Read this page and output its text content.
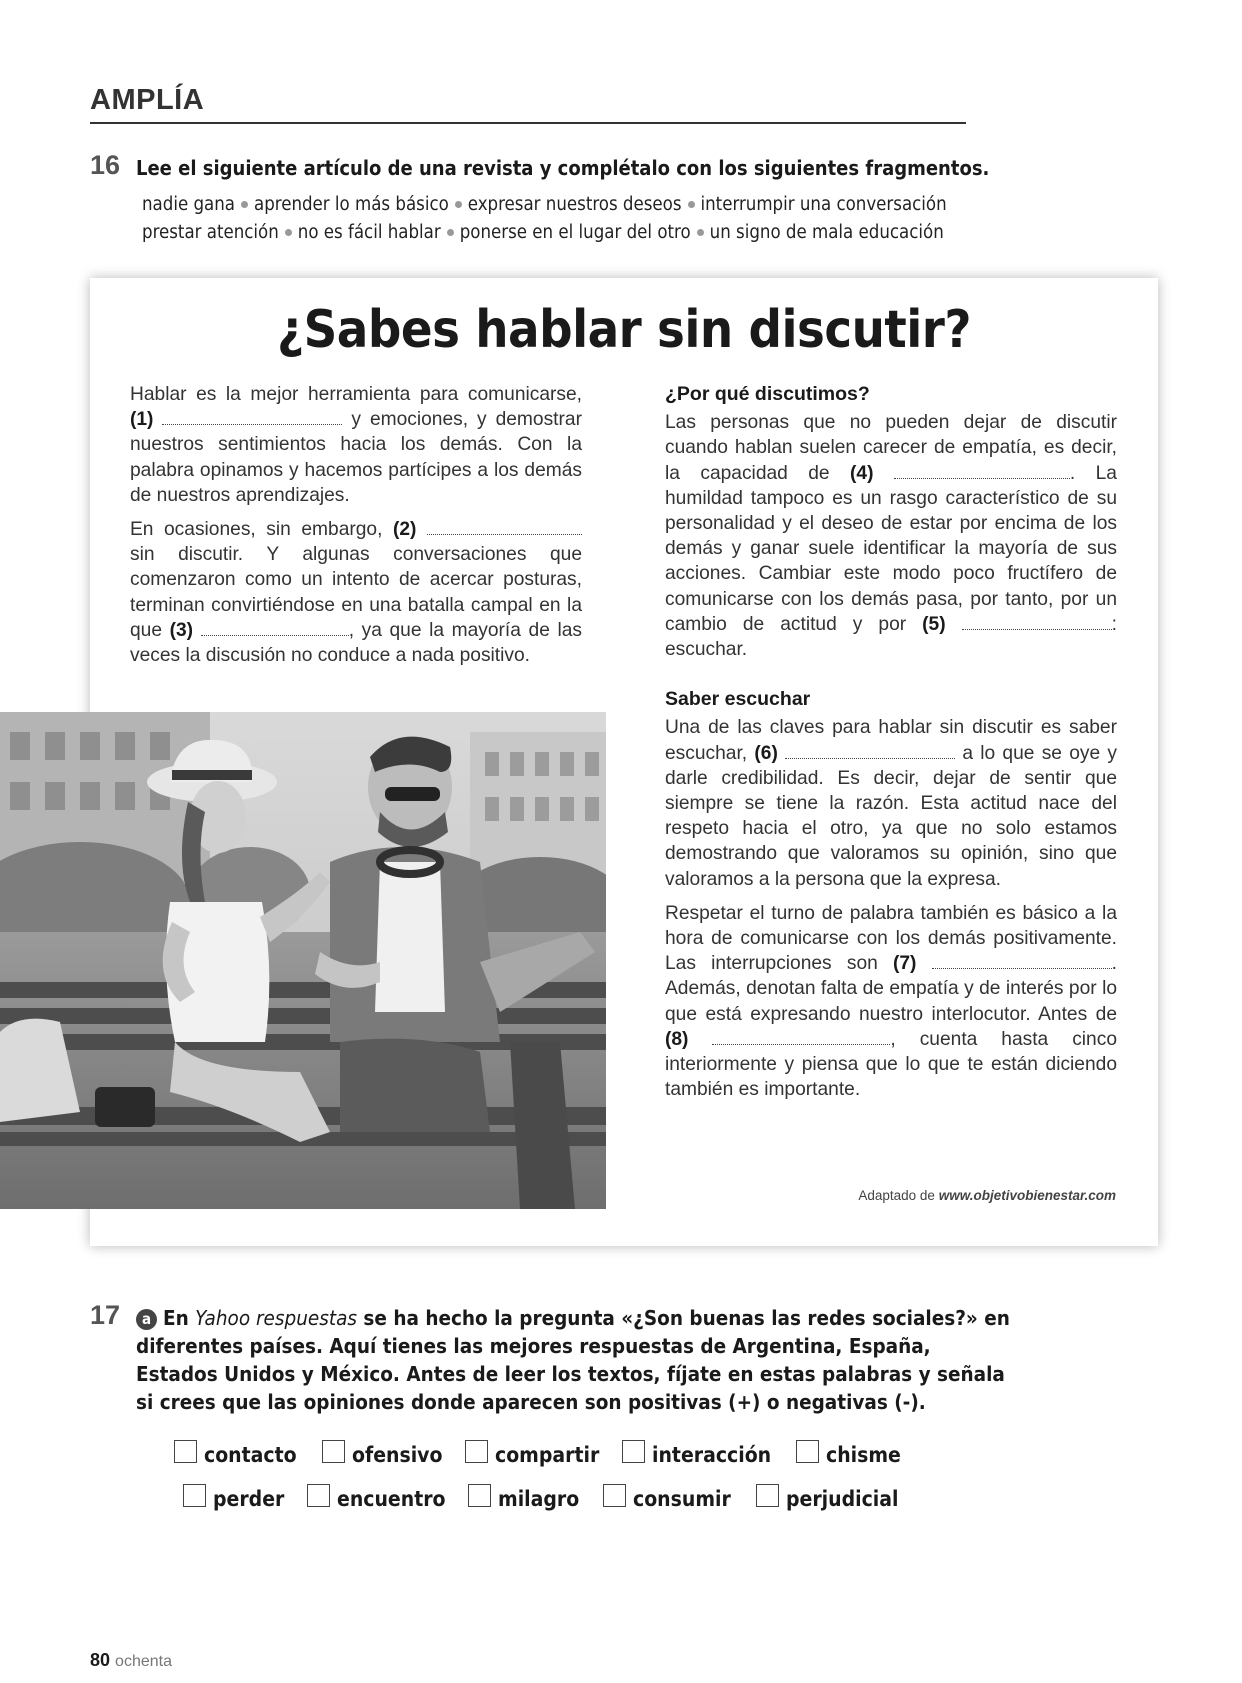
AMPLÍA
16 Lee el siguiente artículo de una revista y complétalo con los siguientes fragmentos.
nadie gana aprender lo más básico expresar nuestros deseos interrumpir una conversación
prestar atención no es fácil hablar ponerse en el lugar del otro un signo de mala educación
¿Sabes hablar sin discutir?

Hablar es la mejor herramienta para comunicarse, (1)	y emociones, y demostrar nuestros sentimientos hacia los demás. Con la palabra opinamos y hacemos partícipes a los demás de nuestros aprendizajes.

En ocasiones, sin embargo, (2)  sin discutir. Y algunas conversaciones que comenzaron como un intento de acercar posturas, terminan convirtiéndose en una batalla campal en la que (3)	, ya que la mayoría de las veces la discusión no conduce a nada positivo.

¿Por qué discutimos?

Las personas que no pueden dejar de discutir cuando hablan suelen carecer de empatía, es decir, la capacidad de (4)	. La humildad tampoco es un rasgo característico de su personalidad y el deseo de estar por encima de los demás y ganar suele identificar la mayoría de sus acciones. Cambiar este modo poco fructífero de comunicarse con los demás pasa, por tanto, por un cambio de actitud y por (5)	: escuchar.

Saber escuchar

Una de las claves para hablar sin discutir es saber escuchar, (6)	a lo que se oye y darle credibilidad. Es decir, dejar de sentir que siempre se tiene la razón. Esta actitud nace del respeto hacia el otro, ya que no solo estamos demostrando que valoramos su opinión, sino que valoramos a la persona que la expresa.

Respetar el turno de palabra también es básico a la hora de comunicarse con los demás positivamente. Las interrupciones son (7)	. Además, denotan falta de empatía y de interés por lo que está expresando nuestro interlocutor. Antes de (8)	, cuenta hasta cinco interiormente y piensa que lo que te están diciendo también es importante.

Adaptado de www.objetivobienestar.com
17	a En Yahoo respuestas se ha hecho la pregunta «¿Son buenas las redes sociales?» en diferentes países. Aquí tienes las mejores respuestas de Argentina, España, Estados Unidos y México. Antes de leer los textos, fíjate en estas palabras y señala si crees que las opiniones donde aparecen son positivas (+) o negativas (-).
contacto	ofensivo	compartir	interacción	chisme
perder	encuentro milagro	consumir	perjudicial
80 ochenta
